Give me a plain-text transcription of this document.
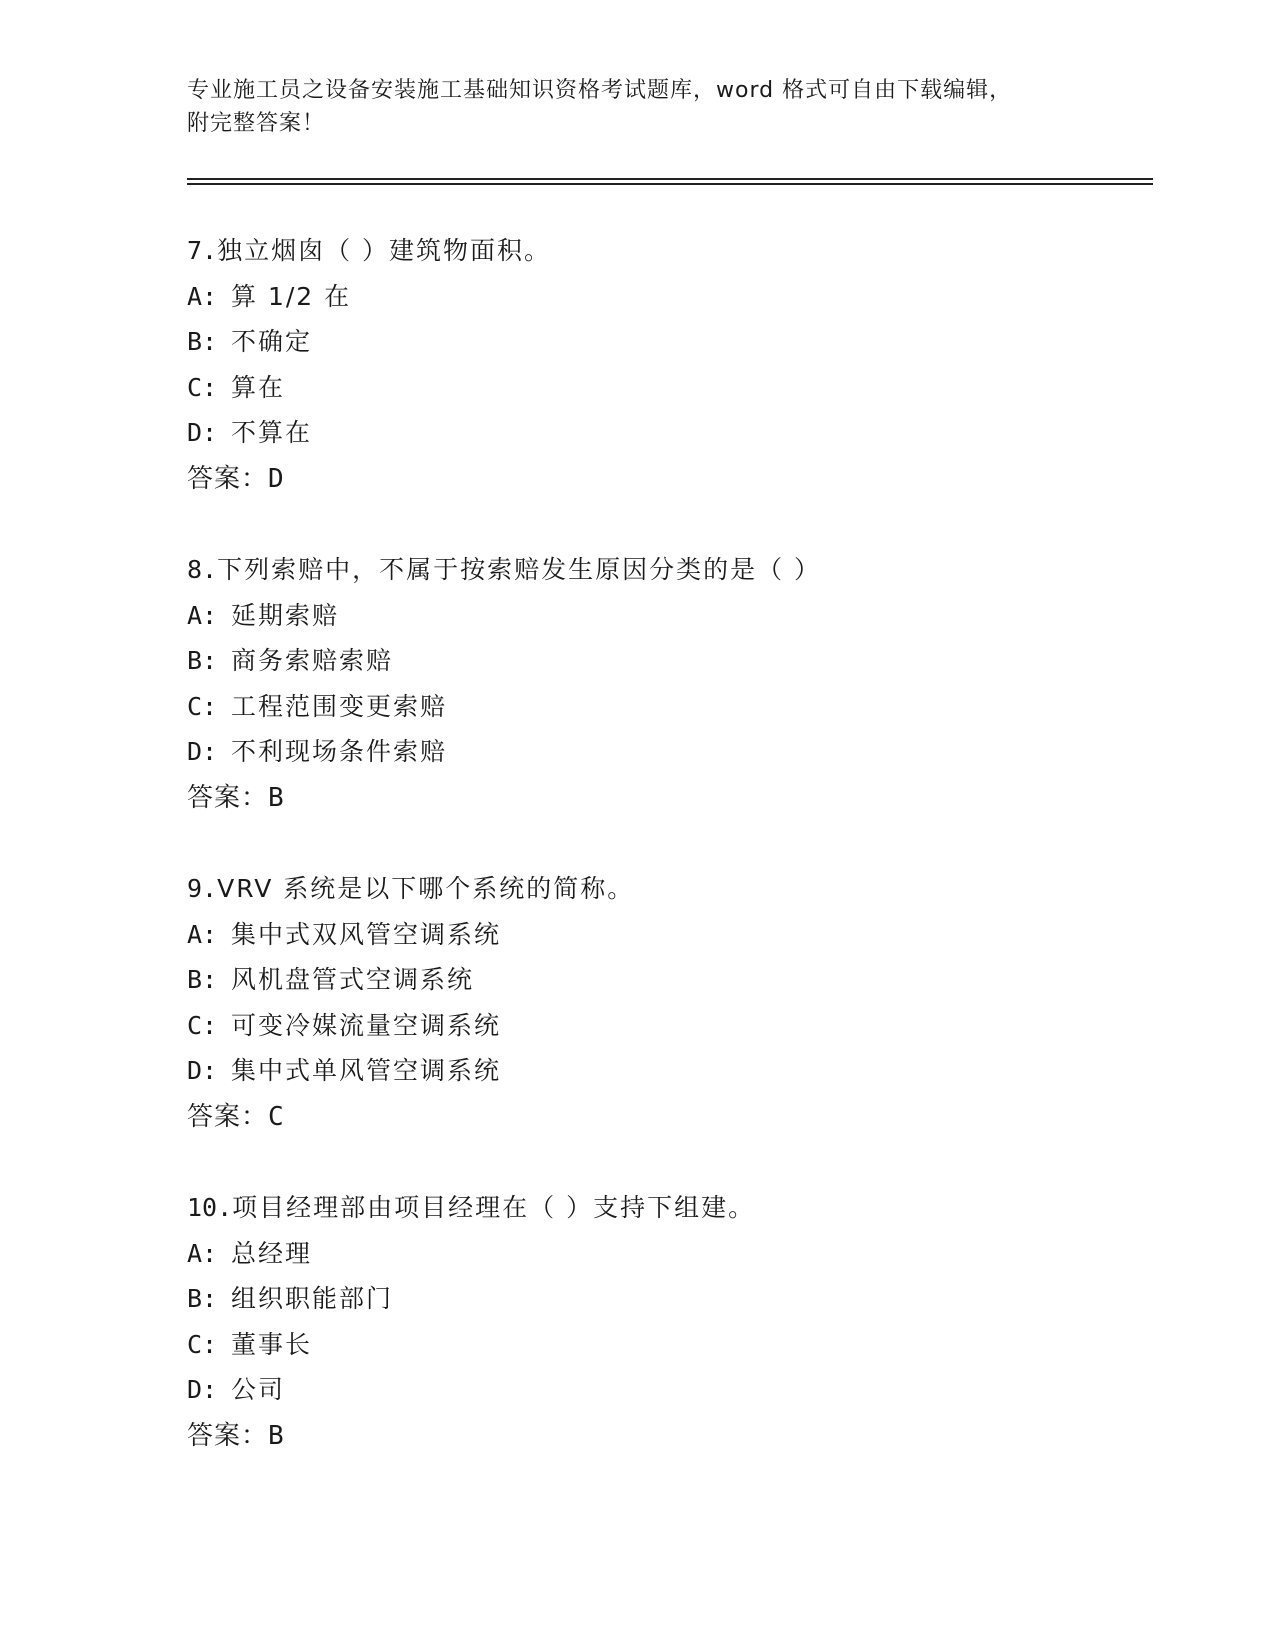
专业施工员之设备安装施工基础知识资格考试题库，word 格式可自由下载编辑，
附完整答案！
7.独立烟囱（ ）建筑物面积。
A: 算 1/2 在
B: 不确定
C: 算在
D: 不算在
答案：D
8.下列索赔中，不属于按索赔发生原因分类的是（ ）
A: 延期索赔
B: 商务索赔索赔
C: 工程范围变更索赔
D: 不利现场条件索赔
答案：B
9.VRV 系统是以下哪个系统的简称。
A: 集中式双风管空调系统
B: 风机盘管式空调系统
C: 可变冷媒流量空调系统
D: 集中式单风管空调系统
答案：C
10.项目经理部由项目经理在（ ）支持下组建。
A: 总经理
B: 组织职能部门
C: 董事长
D: 公司
答案：B
